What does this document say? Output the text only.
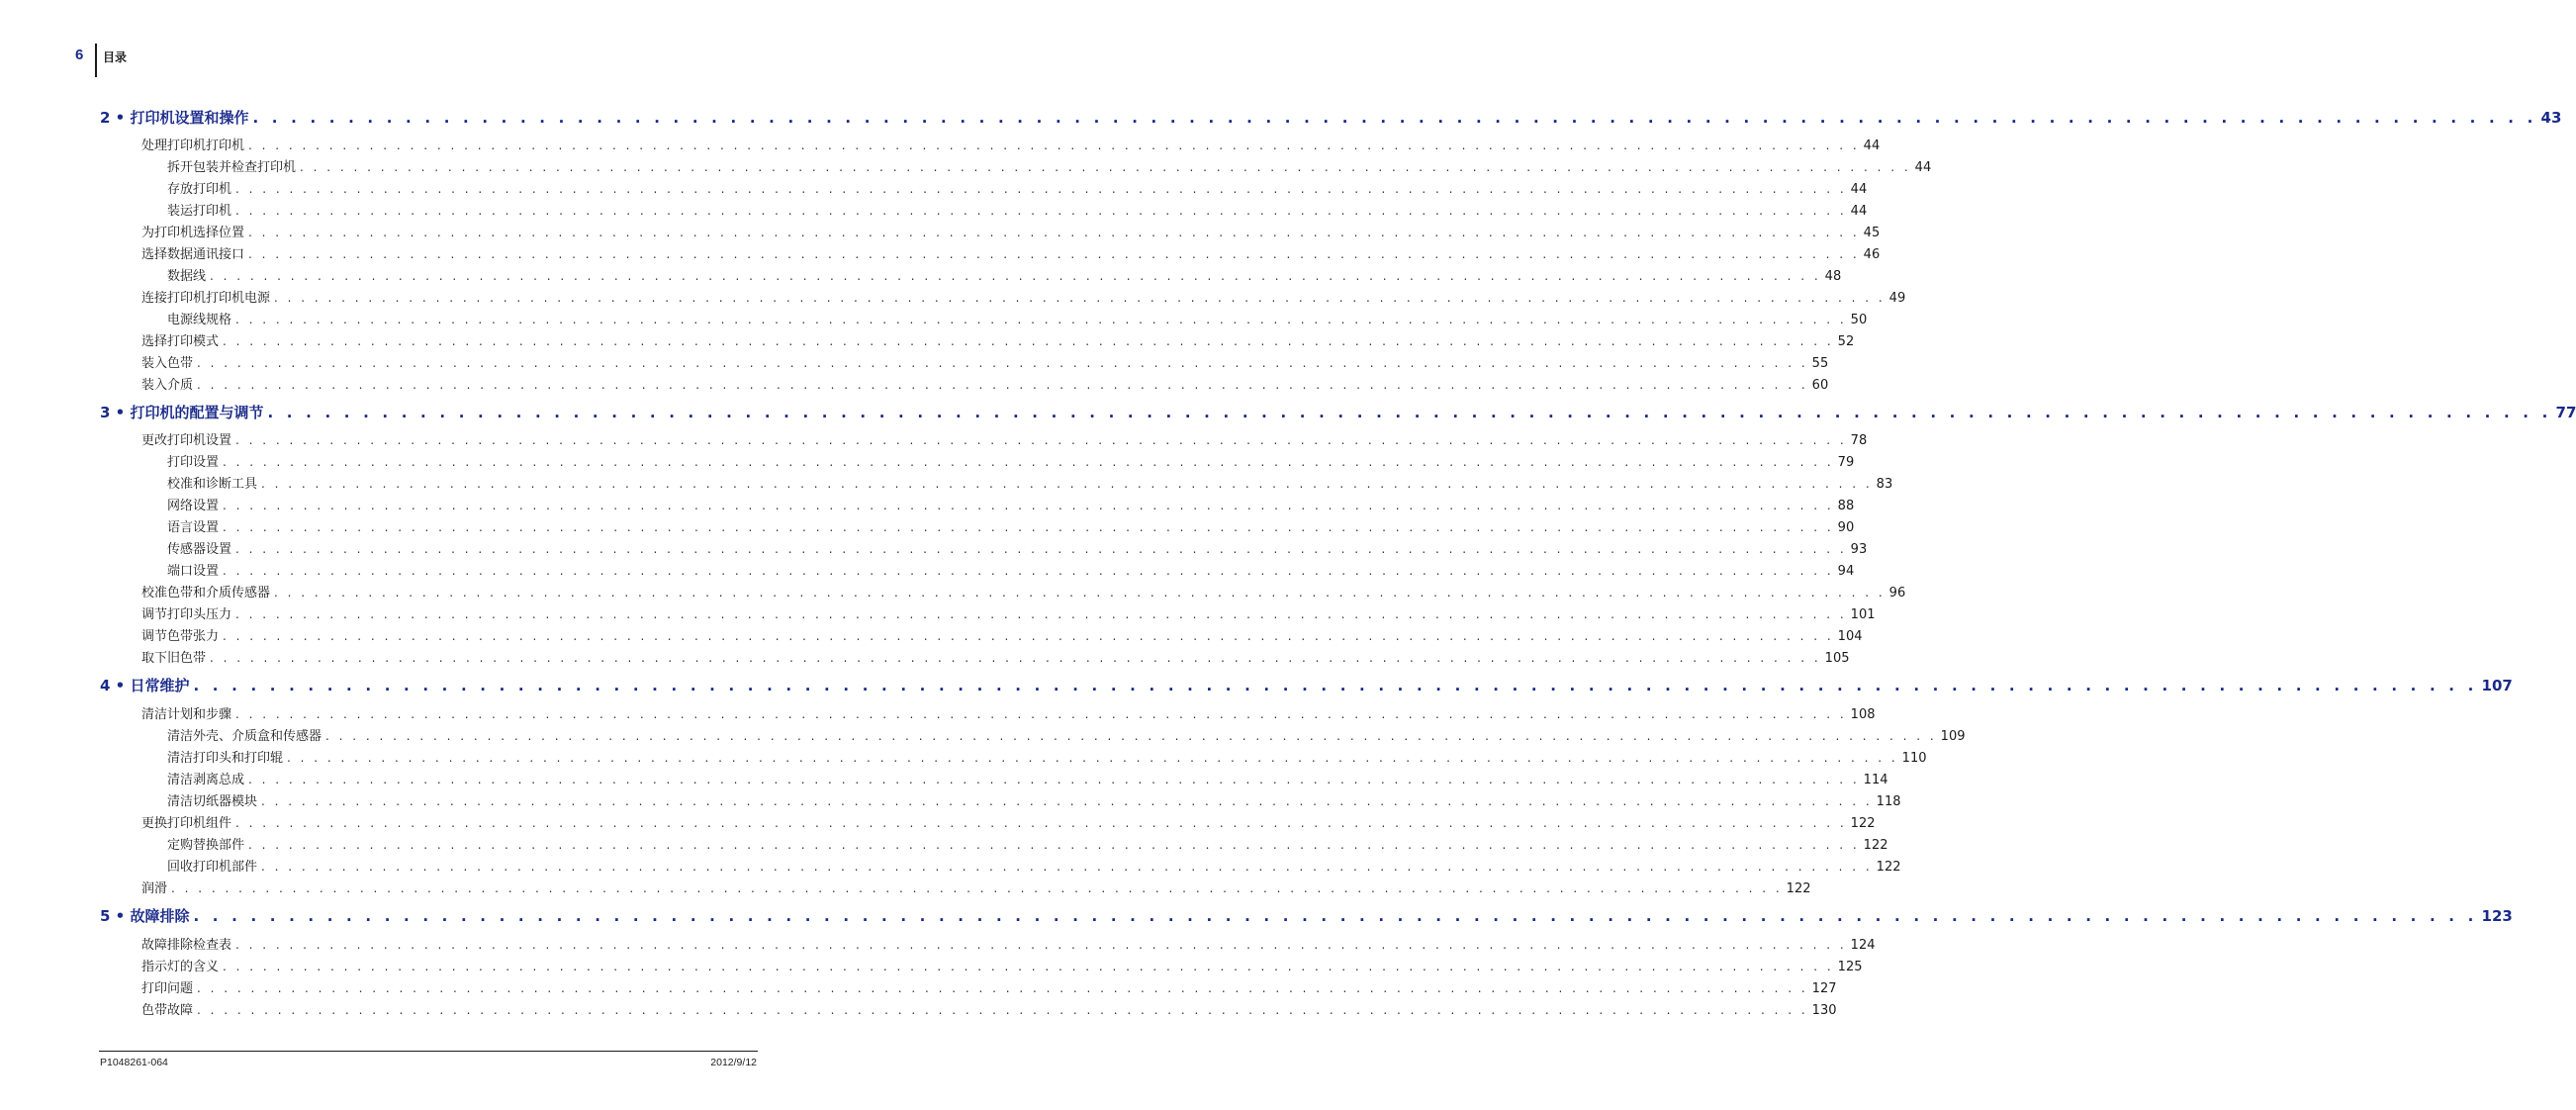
6 目录
2 • 打印机设置和操作 . . . . . . . . . . . . . . . . . . . . . . . . . . . . . . . . . . . . . . . . . . . . . . . . . . . . . . . . . . . . . . . . . . . . . . . . . . . . . . . . . . . . . . . . . . . . . . . . . . . . . . . . . . . . . . . . . . . . . . . . 43
处理打印机打印机 . . . . . . . . . . . . . . . . . . . . . . . . . . . . . . . . . . . . . . . . . . . . . . . . . . . . . . . . . . . . . . . . . . . . . . . . . . . . . . . . . . . . . . . . . . . . . . . . . . . . . . . . . . . . . . . . . . . . . . . . 44
拆开包装并检查打印机 . . . . . . . . . . . . . . . . . . . . . . . . . . . . . . . . . . . . . . . . . . . . . . . . . . . . . . . . . . . . . . . . . . . . . . . . . . . . . . . . . . . . . . . . . . . . . . . . . . . . . . . . . . . . . . . . . . . . . . . . 44
存放打印机 . . . . . . . . . . . . . . . . . . . . . . . . . . . . . . . . . . . . . . . . . . . . . . . . . . . . . . . . . . . . . . . . . . . . . . . . . . . . . . . . . . . . . . . . . . . . . . . . . . . . . . . . . . . . . . . . . . . . . . . . 44
装运打印机 . . . . . . . . . . . . . . . . . . . . . . . . . . . . . . . . . . . . . . . . . . . . . . . . . . . . . . . . . . . . . . . . . . . . . . . . . . . . . . . . . . . . . . . . . . . . . . . . . . . . . . . . . . . . . . . . . . . . . . . . 44
为打印机选择位置 . . . . . . . . . . . . . . . . . . . . . . . . . . . . . . . . . . . . . . . . . . . . . . . . . . . . . . . . . . . . . . . . . . . . . . . . . . . . . . . . . . . . . . . . . . . . . . . . . . . . . . . . . . . . . . . . . . . . . . . . 45
选择数据通讯接口 . . . . . . . . . . . . . . . . . . . . . . . . . . . . . . . . . . . . . . . . . . . . . . . . . . . . . . . . . . . . . . . . . . . . . . . . . . . . . . . . . . . . . . . . . . . . . . . . . . . . . . . . . . . . . . . . . . . . . . . . 46
数据线 . . . . . . . . . . . . . . . . . . . . . . . . . . . . . . . . . . . . . . . . . . . . . . . . . . . . . . . . . . . . . . . . . . . . . . . . . . . . . . . . . . . . . . . . . . . . . . . . . . . . . . . . . . . . . . . . . . . . . . . . 48
连接打印机打印机电源 . . . . . . . . . . . . . . . . . . . . . . . . . . . . . . . . . . . . . . . . . . . . . . . . . . . . . . . . . . . . . . . . . . . . . . . . . . . . . . . . . . . . . . . . . . . . . . . . . . . . . . . . . . . . . . . . . . . . . . . . 49
电源线规格 . . . . . . . . . . . . . . . . . . . . . . . . . . . . . . . . . . . . . . . . . . . . . . . . . . . . . . . . . . . . . . . . . . . . . . . . . . . . . . . . . . . . . . . . . . . . . . . . . . . . . . . . . . . . . . . . . . . . . . . . 50
选择打印模式 . . . . . . . . . . . . . . . . . . . . . . . . . . . . . . . . . . . . . . . . . . . . . . . . . . . . . . . . . . . . . . . . . . . . . . . . . . . . . . . . . . . . . . . . . . . . . . . . . . . . . . . . . . . . . . . . . . . . . . . . 52
装入色带 . . . . . . . . . . . . . . . . . . . . . . . . . . . . . . . . . . . . . . . . . . . . . . . . . . . . . . . . . . . . . . . . . . . . . . . . . . . . . . . . . . . . . . . . . . . . . . . . . . . . . . . . . . . . . . . . . . . . . . . . 55
装入介质 . . . . . . . . . . . . . . . . . . . . . . . . . . . . . . . . . . . . . . . . . . . . . . . . . . . . . . . . . . . . . . . . . . . . . . . . . . . . . . . . . . . . . . . . . . . . . . . . . . . . . . . . . . . . . . . . . . . . . . . . 60
3 • 打印机的配置与调节 . . . . . . . . . . . . . . . . . . . . . . . . . . . . . . . . . . . . . . . . . . . . . . . . . . . . . . . . . . . . . . . . . . . . . . . . . . . . . . . . . . . . . . . . . . . . . . . . . . . . . . . . . . . . . . . . . . . . . . . . 77
更改打印机设置 . . . . . . . . . . . . . . . . . . . . . . . . . . . . . . . . . . . . . . . . . . . . . . . . . . . . . . . . . . . . . . . . . . . . . . . . . . . . . . . . . . . . . . . . . . . . . . . . . . . . . . . . . . . . . . . . . . . . . . . . 78
打印设置 . . . . . . . . . . . . . . . . . . . . . . . . . . . . . . . . . . . . . . . . . . . . . . . . . . . . . . . . . . . . . . . . . . . . . . . . . . . . . . . . . . . . . . . . . . . . . . . . . . . . . . . . . . . . . . . . . . . . . . . . 79
校准和诊断工具 . . . . . . . . . . . . . . . . . . . . . . . . . . . . . . . . . . . . . . . . . . . . . . . . . . . . . . . . . . . . . . . . . . . . . . . . . . . . . . . . . . . . . . . . . . . . . . . . . . . . . . . . . . . . . . . . . . . . . . . . 83
网络设置 . . . . . . . . . . . . . . . . . . . . . . . . . . . . . . . . . . . . . . . . . . . . . . . . . . . . . . . . . . . . . . . . . . . . . . . . . . . . . . . . . . . . . . . . . . . . . . . . . . . . . . . . . . . . . . . . . . . . . . . . 88
语言设置 . . . . . . . . . . . . . . . . . . . . . . . . . . . . . . . . . . . . . . . . . . . . . . . . . . . . . . . . . . . . . . . . . . . . . . . . . . . . . . . . . . . . . . . . . . . . . . . . . . . . . . . . . . . . . . . . . . . . . . . . 90
传感器设置 . . . . . . . . . . . . . . . . . . . . . . . . . . . . . . . . . . . . . . . . . . . . . . . . . . . . . . . . . . . . . . . . . . . . . . . . . . . . . . . . . . . . . . . . . . . . . . . . . . . . . . . . . . . . . . . . . . . . . . . . 93
端口设置 . . . . . . . . . . . . . . . . . . . . . . . . . . . . . . . . . . . . . . . . . . . . . . . . . . . . . . . . . . . . . . . . . . . . . . . . . . . . . . . . . . . . . . . . . . . . . . . . . . . . . . . . . . . . . . . . . . . . . . . . 94
校准色带和介质传感器 . . . . . . . . . . . . . . . . . . . . . . . . . . . . . . . . . . . . . . . . . . . . . . . . . . . . . . . . . . . . . . . . . . . . . . . . . . . . . . . . . . . . . . . . . . . . . . . . . . . . . . . . . . . . . . . . . . . . . . . . 96
调节打印头压力 . . . . . . . . . . . . . . . . . . . . . . . . . . . . . . . . . . . . . . . . . . . . . . . . . . . . . . . . . . . . . . . . . . . . . . . . . . . . . . . . . . . . . . . . . . . . . . . . . . . . . . . . . . . . . . . . . . . . . . . . 101
调节色带张力 . . . . . . . . . . . . . . . . . . . . . . . . . . . . . . . . . . . . . . . . . . . . . . . . . . . . . . . . . . . . . . . . . . . . . . . . . . . . . . . . . . . . . . . . . . . . . . . . . . . . . . . . . . . . . . . . . . . . . . . . 104
取下旧色带 . . . . . . . . . . . . . . . . . . . . . . . . . . . . . . . . . . . . . . . . . . . . . . . . . . . . . . . . . . . . . . . . . . . . . . . . . . . . . . . . . . . . . . . . . . . . . . . . . . . . . . . . . . . . . . . . . . . . . . . . 105
4 • 日常维护 . . . . . . . . . . . . . . . . . . . . . . . . . . . . . . . . . . . . . . . . . . . . . . . . . . . . . . . . . . . . . . . . . . . . . . . . . . . . . . . . . . . . . . . . . . . . . . . . . . . . . . . . . . . . . . . . . . . . . . . . 107
清洁计划和步骤 . . . . . . . . . . . . . . . . . . . . . . . . . . . . . . . . . . . . . . . . . . . . . . . . . . . . . . . . . . . . . . . . . . . . . . . . . . . . . . . . . . . . . . . . . . . . . . . . . . . . . . . . . . . . . . . . . . . . . . . . 108
清洁外壳、介质盒和传感器 . . . . . . . . . . . . . . . . . . . . . . . . . . . . . . . . . . . . . . . . . . . . . . . . . . . . . . . . . . . . . . . . . . . . . . . . . . . . . . . . . . . . . . . . . . . . . . . . . . . . . . . . . . . . . . . . . . . . . . . . 109
清洁打印头和打印辊 . . . . . . . . . . . . . . . . . . . . . . . . . . . . . . . . . . . . . . . . . . . . . . . . . . . . . . . . . . . . . . . . . . . . . . . . . . . . . . . . . . . . . . . . . . . . . . . . . . . . . . . . . . . . . . . . . . . . . . . . 110
清洁剥离总成 . . . . . . . . . . . . . . . . . . . . . . . . . . . . . . . . . . . . . . . . . . . . . . . . . . . . . . . . . . . . . . . . . . . . . . . . . . . . . . . . . . . . . . . . . . . . . . . . . . . . . . . . . . . . . . . . . . . . . . . . 114
清洁切纸器模块 . . . . . . . . . . . . . . . . . . . . . . . . . . . . . . . . . . . . . . . . . . . . . . . . . . . . . . . . . . . . . . . . . . . . . . . . . . . . . . . . . . . . . . . . . . . . . . . . . . . . . . . . . . . . . . . . . . . . . . . . 118
更换打印机组件 . . . . . . . . . . . . . . . . . . . . . . . . . . . . . . . . . . . . . . . . . . . . . . . . . . . . . . . . . . . . . . . . . . . . . . . . . . . . . . . . . . . . . . . . . . . . . . . . . . . . . . . . . . . . . . . . . . . . . . . . 122
定购替换部件 . . . . . . . . . . . . . . . . . . . . . . . . . . . . . . . . . . . . . . . . . . . . . . . . . . . . . . . . . . . . . . . . . . . . . . . . . . . . . . . . . . . . . . . . . . . . . . . . . . . . . . . . . . . . . . . . . . . . . . . . 122
回收打印机部件 . . . . . . . . . . . . . . . . . . . . . . . . . . . . . . . . . . . . . . . . . . . . . . . . . . . . . . . . . . . . . . . . . . . . . . . . . . . . . . . . . . . . . . . . . . . . . . . . . . . . . . . . . . . . . . . . . . . . . . . . 122
润滑 . . . . . . . . . . . . . . . . . . . . . . . . . . . . . . . . . . . . . . . . . . . . . . . . . . . . . . . . . . . . . . . . . . . . . . . . . . . . . . . . . . . . . . . . . . . . . . . . . . . . . . . . . . . . . . . . . . . . . . . . 122
5 • 故障排除 . . . . . . . . . . . . . . . . . . . . . . . . . . . . . . . . . . . . . . . . . . . . . . . . . . . . . . . . . . . . . . . . . . . . . . . . . . . . . . . . . . . . . . . . . . . . . . . . . . . . . . . . . . . . . . . . . . . . . . . . 123
故障排除检查表 . . . . . . . . . . . . . . . . . . . . . . . . . . . . . . . . . . . . . . . . . . . . . . . . . . . . . . . . . . . . . . . . . . . . . . . . . . . . . . . . . . . . . . . . . . . . . . . . . . . . . . . . . . . . . . . . . . . . . . . . 124
指示灯的含义 . . . . . . . . . . . . . . . . . . . . . . . . . . . . . . . . . . . . . . . . . . . . . . . . . . . . . . . . . . . . . . . . . . . . . . . . . . . . . . . . . . . . . . . . . . . . . . . . . . . . . . . . . . . . . . . . . . . . . . . . 125
打印问题 . . . . . . . . . . . . . . . . . . . . . . . . . . . . . . . . . . . . . . . . . . . . . . . . . . . . . . . . . . . . . . . . . . . . . . . . . . . . . . . . . . . . . . . . . . . . . . . . . . . . . . . . . . . . . . . . . . . . . . . . 127
色带故障 . . . . . . . . . . . . . . . . . . . . . . . . . . . . . . . . . . . . . . . . . . . . . . . . . . . . . . . . . . . . . . . . . . . . . . . . . . . . . . . . . . . . . . . . . . . . . . . . . . . . . . . . . . . . . . . . . . . . . . . . 130
P1048261-064	2012/9/12
